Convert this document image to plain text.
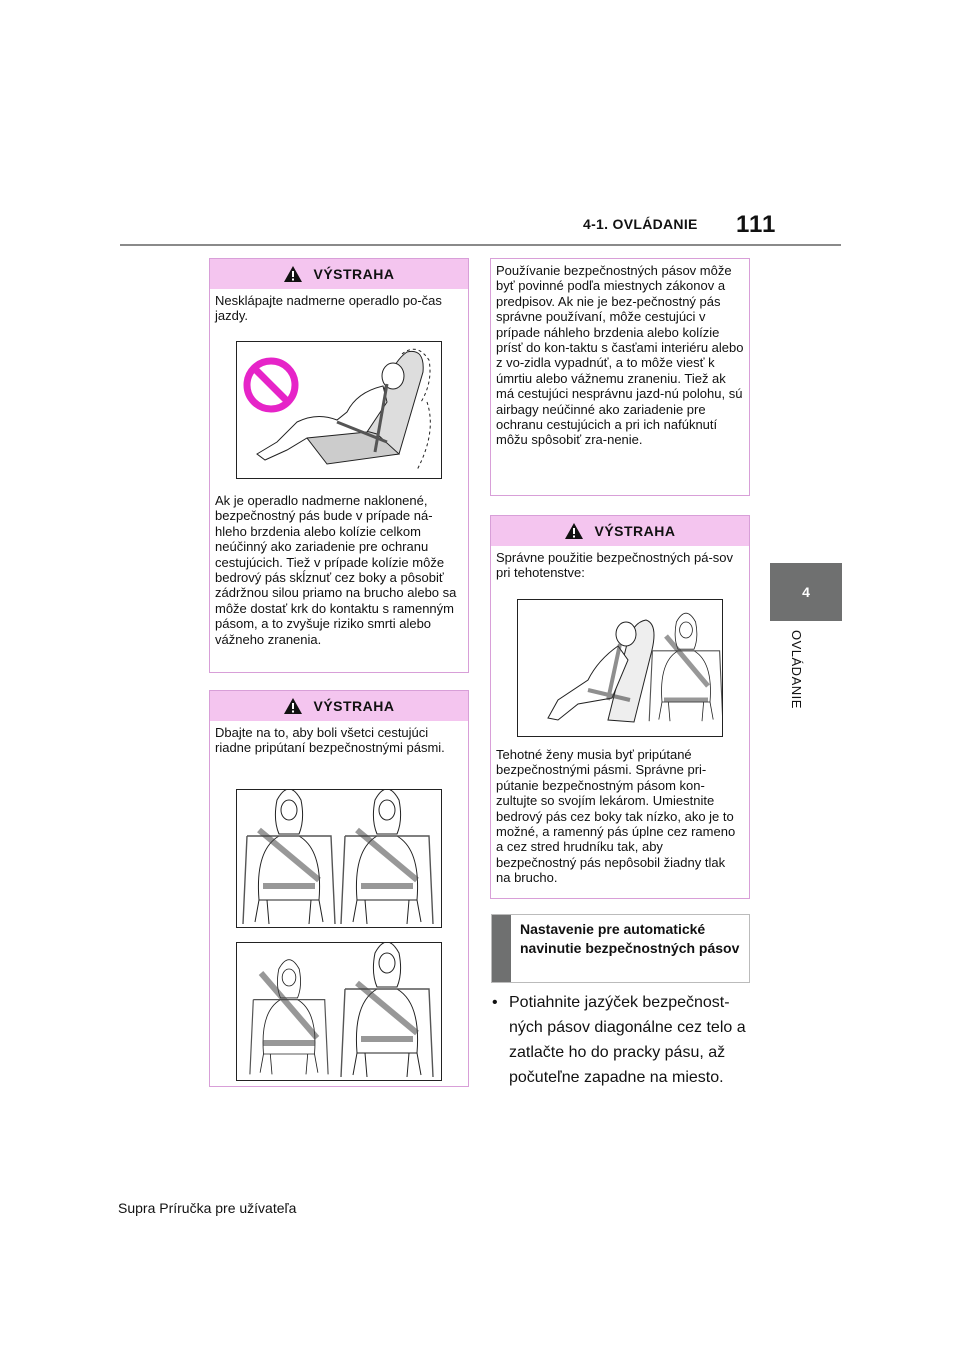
4-1. OVLÁDANIE 111
4
OVLÁDANIE
VÝSTRAHA
Nesklápajte nadmerne operadlo po-čas jazdy.
Ak je operadlo nadmerne naklonené, bezpečnostný pás bude v prípade ná-hleho brzdenia alebo kolízie celkom neúčinný ako zariadenie pre ochranu cestujúcich. Tiež v prípade kolízie môže bedrový pás skĺznuť cez boky a pôsobiť zádržnou silou priamo na brucho alebo sa môže dostať krk do kontaktu s ramenným pásom, a to zvyšuje riziko smrti alebo vážneho zranenia.
VÝSTRAHA
Dbajte na to, aby boli všetci cestujúci riadne pripútaní bezpečnostnými pásmi.
Používanie bezpečnostných pásov môže byť povinné podľa miestnych zákonov a predpisov. Ak nie je bez-pečnostný pás správne používaní, môže cestujúci v prípade náhleho brzdenia alebo kolízie prísť do kon-taktu s časťami interiéru alebo z vo-zidla vypadnúť, a to môže viesť k úmrtiu alebo vážnemu zraneniu. Tiež ak má cestujúci nesprávnu jazd-nú polohu, sú airbagy neúčinné ako zariadenie pre ochranu cestujúcich a pri ich nafúknutí môžu spôsobiť zra-nenie.
VÝSTRAHA
Správne použitie bezpečnostných pá-sov pri tehotenstve:
Tehotné ženy musia byť pripútané bezpečnostnými pásmi. Správne pri-pútanie bezpečnostným pásom kon-zultujte so svojím lekárom. Umiestnite bedrový pás cez boky tak nízko, ako je to možné, a ramenný pás úplne cez rameno a cez stred hrudníku tak, aby bezpečnostný pás nepôsobil žiadny tlak na brucho.
Nastavenie pre automatické navinutie bezpečnostných pásov
• Potiahnite jazýček bezpečnost-ných pásov diagonálne cez telo a zatlačte ho do pracky pásu, až počuteľne zapadne na miesto.
Supra Príručka pre užívateľa
